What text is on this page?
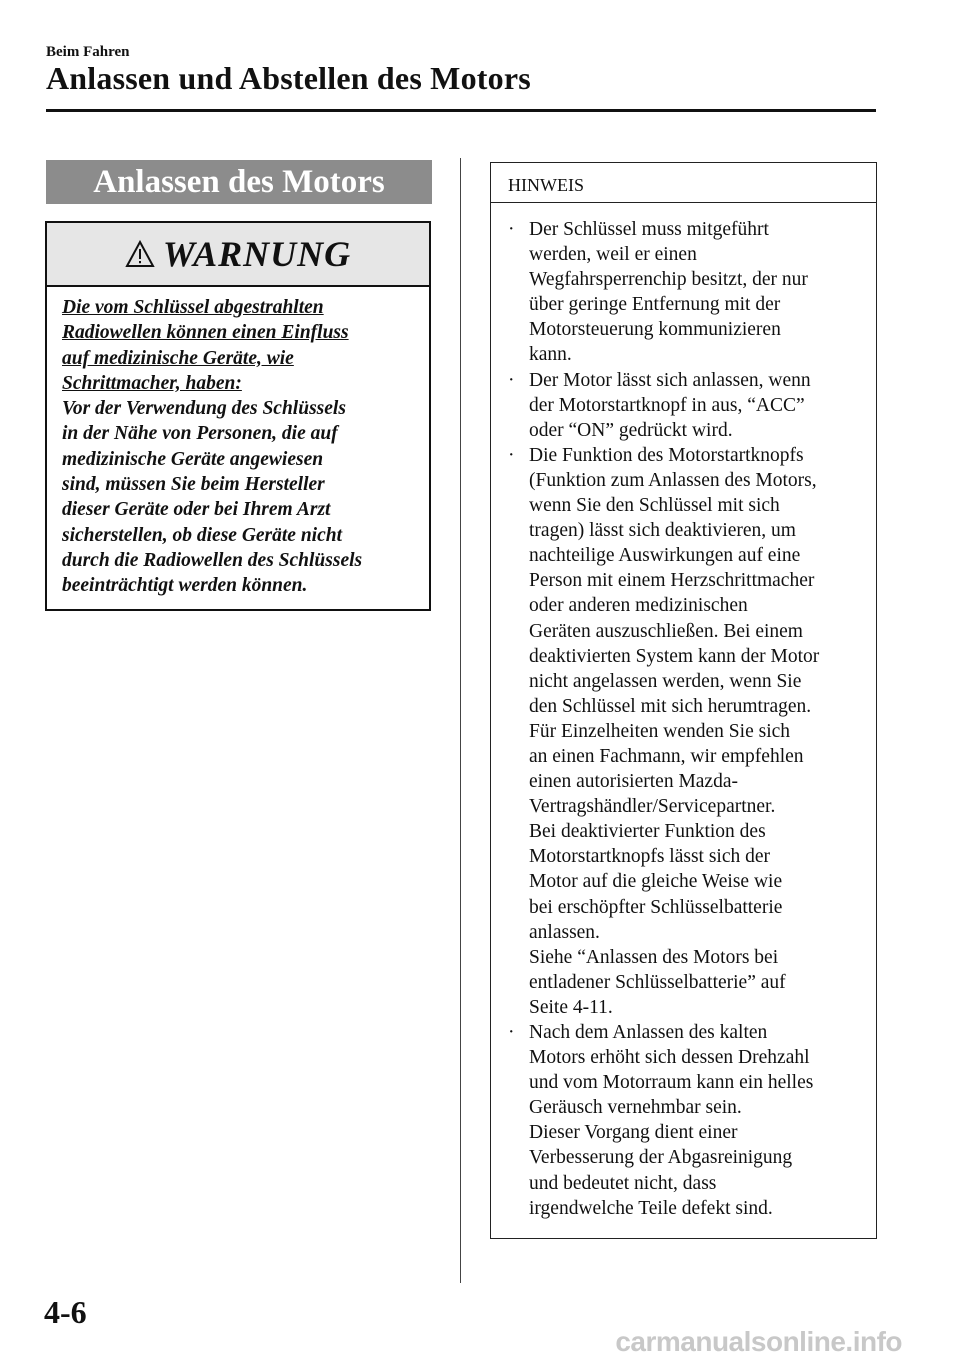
Beim Fahren
Anlassen und Abstellen des Motors
Anlassen des Motors
WARNUNG
Die vom Schlüssel abgestrahlten
Radiowellen können einen Einfluss
auf medizinische Geräte, wie
Schrittmacher, haben:
Vor der Verwendung des Schlüssels
in der Nähe von Personen, die auf
medizinische Geräte angewiesen
sind, müssen Sie beim Hersteller
dieser Geräte oder bei Ihrem Arzt
sicherstellen, ob diese Geräte nicht
durch die Radiowellen des Schlüssels
beeinträchtigt werden können.
HINWEIS
· Der Schlüssel muss mitgeführt
werden, weil er einen
Wegfahrsperrenchip besitzt, der nur
über geringe Entfernung mit der
Motorsteuerung kommunizieren
kann.
· Der Motor lässt sich anlassen, wenn
der Motorstartknopf in aus, “ACC”
oder “ON” gedrückt wird.
· Die Funktion des Motorstartknopfs
(Funktion zum Anlassen des Motors,
wenn Sie den Schlüssel mit sich
tragen) lässt sich deaktivieren, um
nachteilige Auswirkungen auf eine
Person mit einem Herzschrittmacher
oder anderen medizinischen
Geräten auszuschließen. Bei einem
deaktivierten System kann der Motor
nicht angelassen werden, wenn Sie
den Schlüssel mit sich herumtragen.
Für Einzelheiten wenden Sie sich
an einen Fachmann, wir empfehlen
einen autorisierten Mazda-
Vertragshändler/Servicepartner.
Bei deaktivierter Funktion des
Motorstartknopfs lässt sich der
Motor auf die gleiche Weise wie
bei erschöpfter Schlüsselbatterie
anlassen.
Siehe “Anlassen des Motors bei
entladener Schlüsselbatterie” auf
Seite 4-11.
· Nach dem Anlassen des kalten
Motors erhöht sich dessen Drehzahl
und vom Motorraum kann ein helles
Geräusch vernehmbar sein.
Dieser Vorgang dient einer
Verbesserung der Abgasreinigung
und bedeutet nicht, dass
irgendwelche Teile defekt sind.
4-6
carmanualsonline.info
